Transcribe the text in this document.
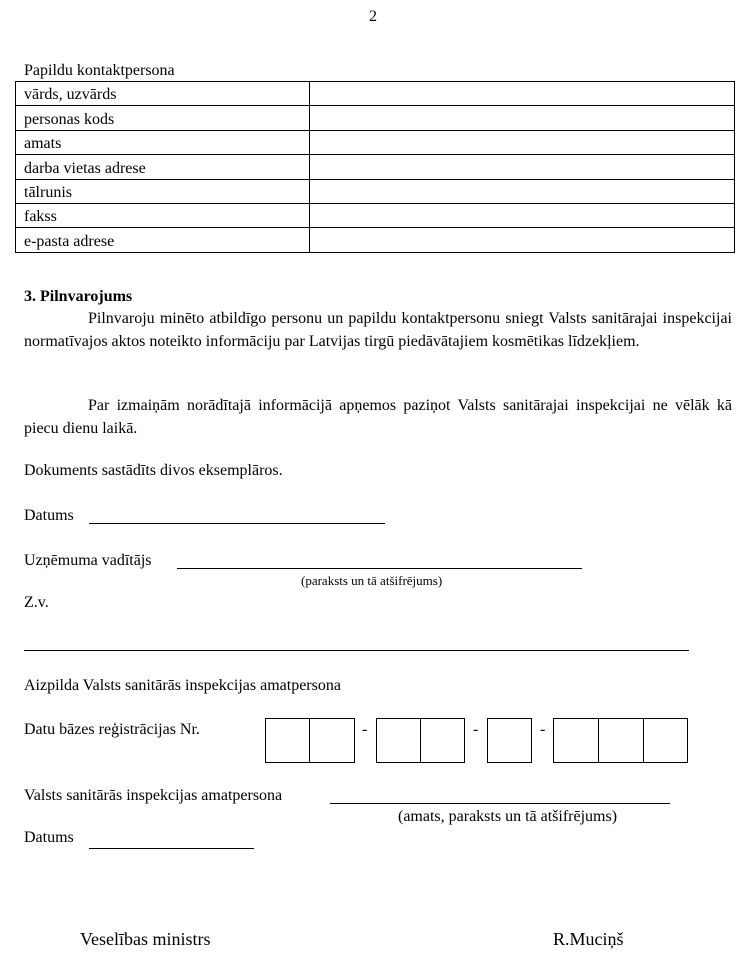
2
Papildu kontaktpersona
vārds, uzvārds	
personas kods	
amats	
darba vietas adrese	
tālrunis	
fakss	
e-pasta adrese	
3. Pilnvarojums
Pilnvaroju minēto atbildīgo personu un papildu kontaktpersonu sniegt Valsts sanitārajai inspekcijai normatīvajos aktos noteikto informāciju par Latvijas tirgū piedāvātajiem kosmētikas līdzekļiem.
Par izmaiņām norādītajā informācijā apņemos paziņot Valsts sanitārajai inspekcijai ne vēlāk kā piecu dienu laikā.
Dokuments sastādīts divos eksemplāros.
Datums
Uzņēmuma vadītājs
(paraksts un tā atšifrējums)
Z.v.
Aizpilda Valsts sanitārās inspekcijas amatpersona
Datu bāzes reģistrācijas Nr.	-	-	-
Valsts sanitārās inspekcijas amatpersona
(amats, paraksts un tā atšifrējums)
Datums
Veselības ministrs	R.Muciņš
